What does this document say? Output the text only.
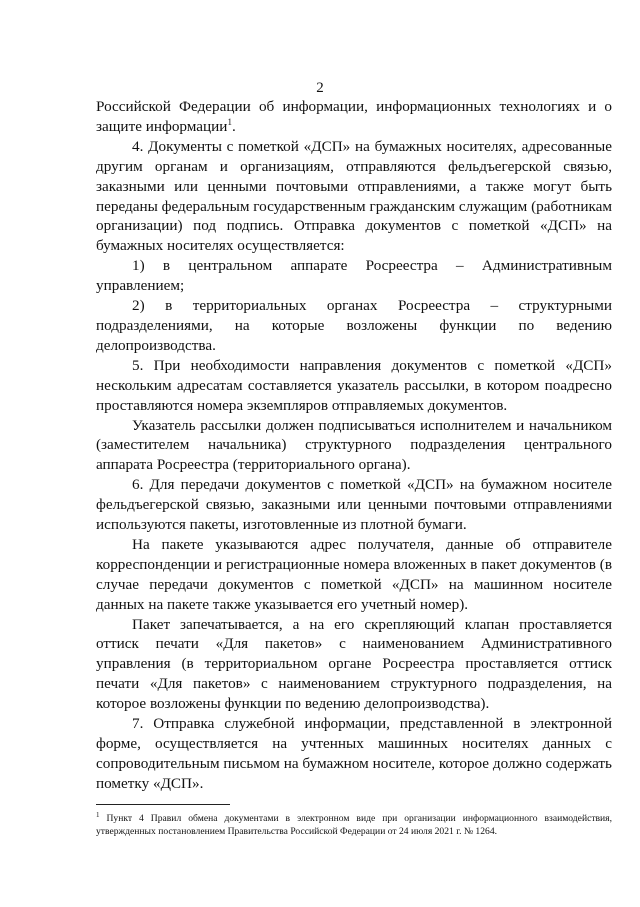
2

Российской Федерации об информации, информационных технологиях и о защите информации$^1$.

4. Документы с пометкой «ДСП» на бумажных носителях, адресованные другим органам и организациям, отправляются фельдъегерской связью, заказными или ценными почтовыми отправлениями, а также могут быть переданы федеральным государственным гражданским служащим (работникам организации) под подпись. Отправка документов с пометкой «ДСП» на бумажных носителях осуществляется:

1) в центральном аппарате Росреестра – Административным управлением;

2) в территориальных органах Росреестра – структурными подразделениями, на которые возложены функции по ведению делопроизводства.

5. При необходимости направления документов с пометкой «ДСП» нескольким адресатам составляется указатель рассылки, в котором поадресно проставляются номера экземпляров отправляемых документов.

Указатель рассылки должен подписываться исполнителем и начальником (заместителем начальника) структурного подразделения центрального аппарата Росреестра (территориального органа).

6. Для передачи документов с пометкой «ДСП» на бумажном носителе фельдъегерской связью, заказными или ценными почтовыми отправлениями используются пакеты, изготовленные из плотной бумаги.

На пакете указываются адрес получателя, данные об отправителе корреспонденции и регистрационные номера вложенных в пакет документов (в случае передачи документов с пометкой «ДСП» на машинном носителе данных на пакете также указывается его учетный номер).

Пакет запечатывается, а на его скрепляющий клапан проставляется оттиск печати «Для пакетов» с наименованием Административного управления (в территориальном органе Росреестра проставляется оттиск печати «Для пакетов» с наименованием структурного подразделения, на которое возложены функции по ведению делопроизводства).

7. Отправка служебной информации, представленной в электронной форме, осуществляется на учтенных машинных носителях данных с сопроводительным письмом на бумажном носителе, которое должно содержать пометку «ДСП».

$^1$ Пункт 4 Правил обмена документами в электронном виде при организации информационного взаимодействия, утвержденных постановлением Правительства Российской Федерации от 24 июля 2021 г. № 1264.
